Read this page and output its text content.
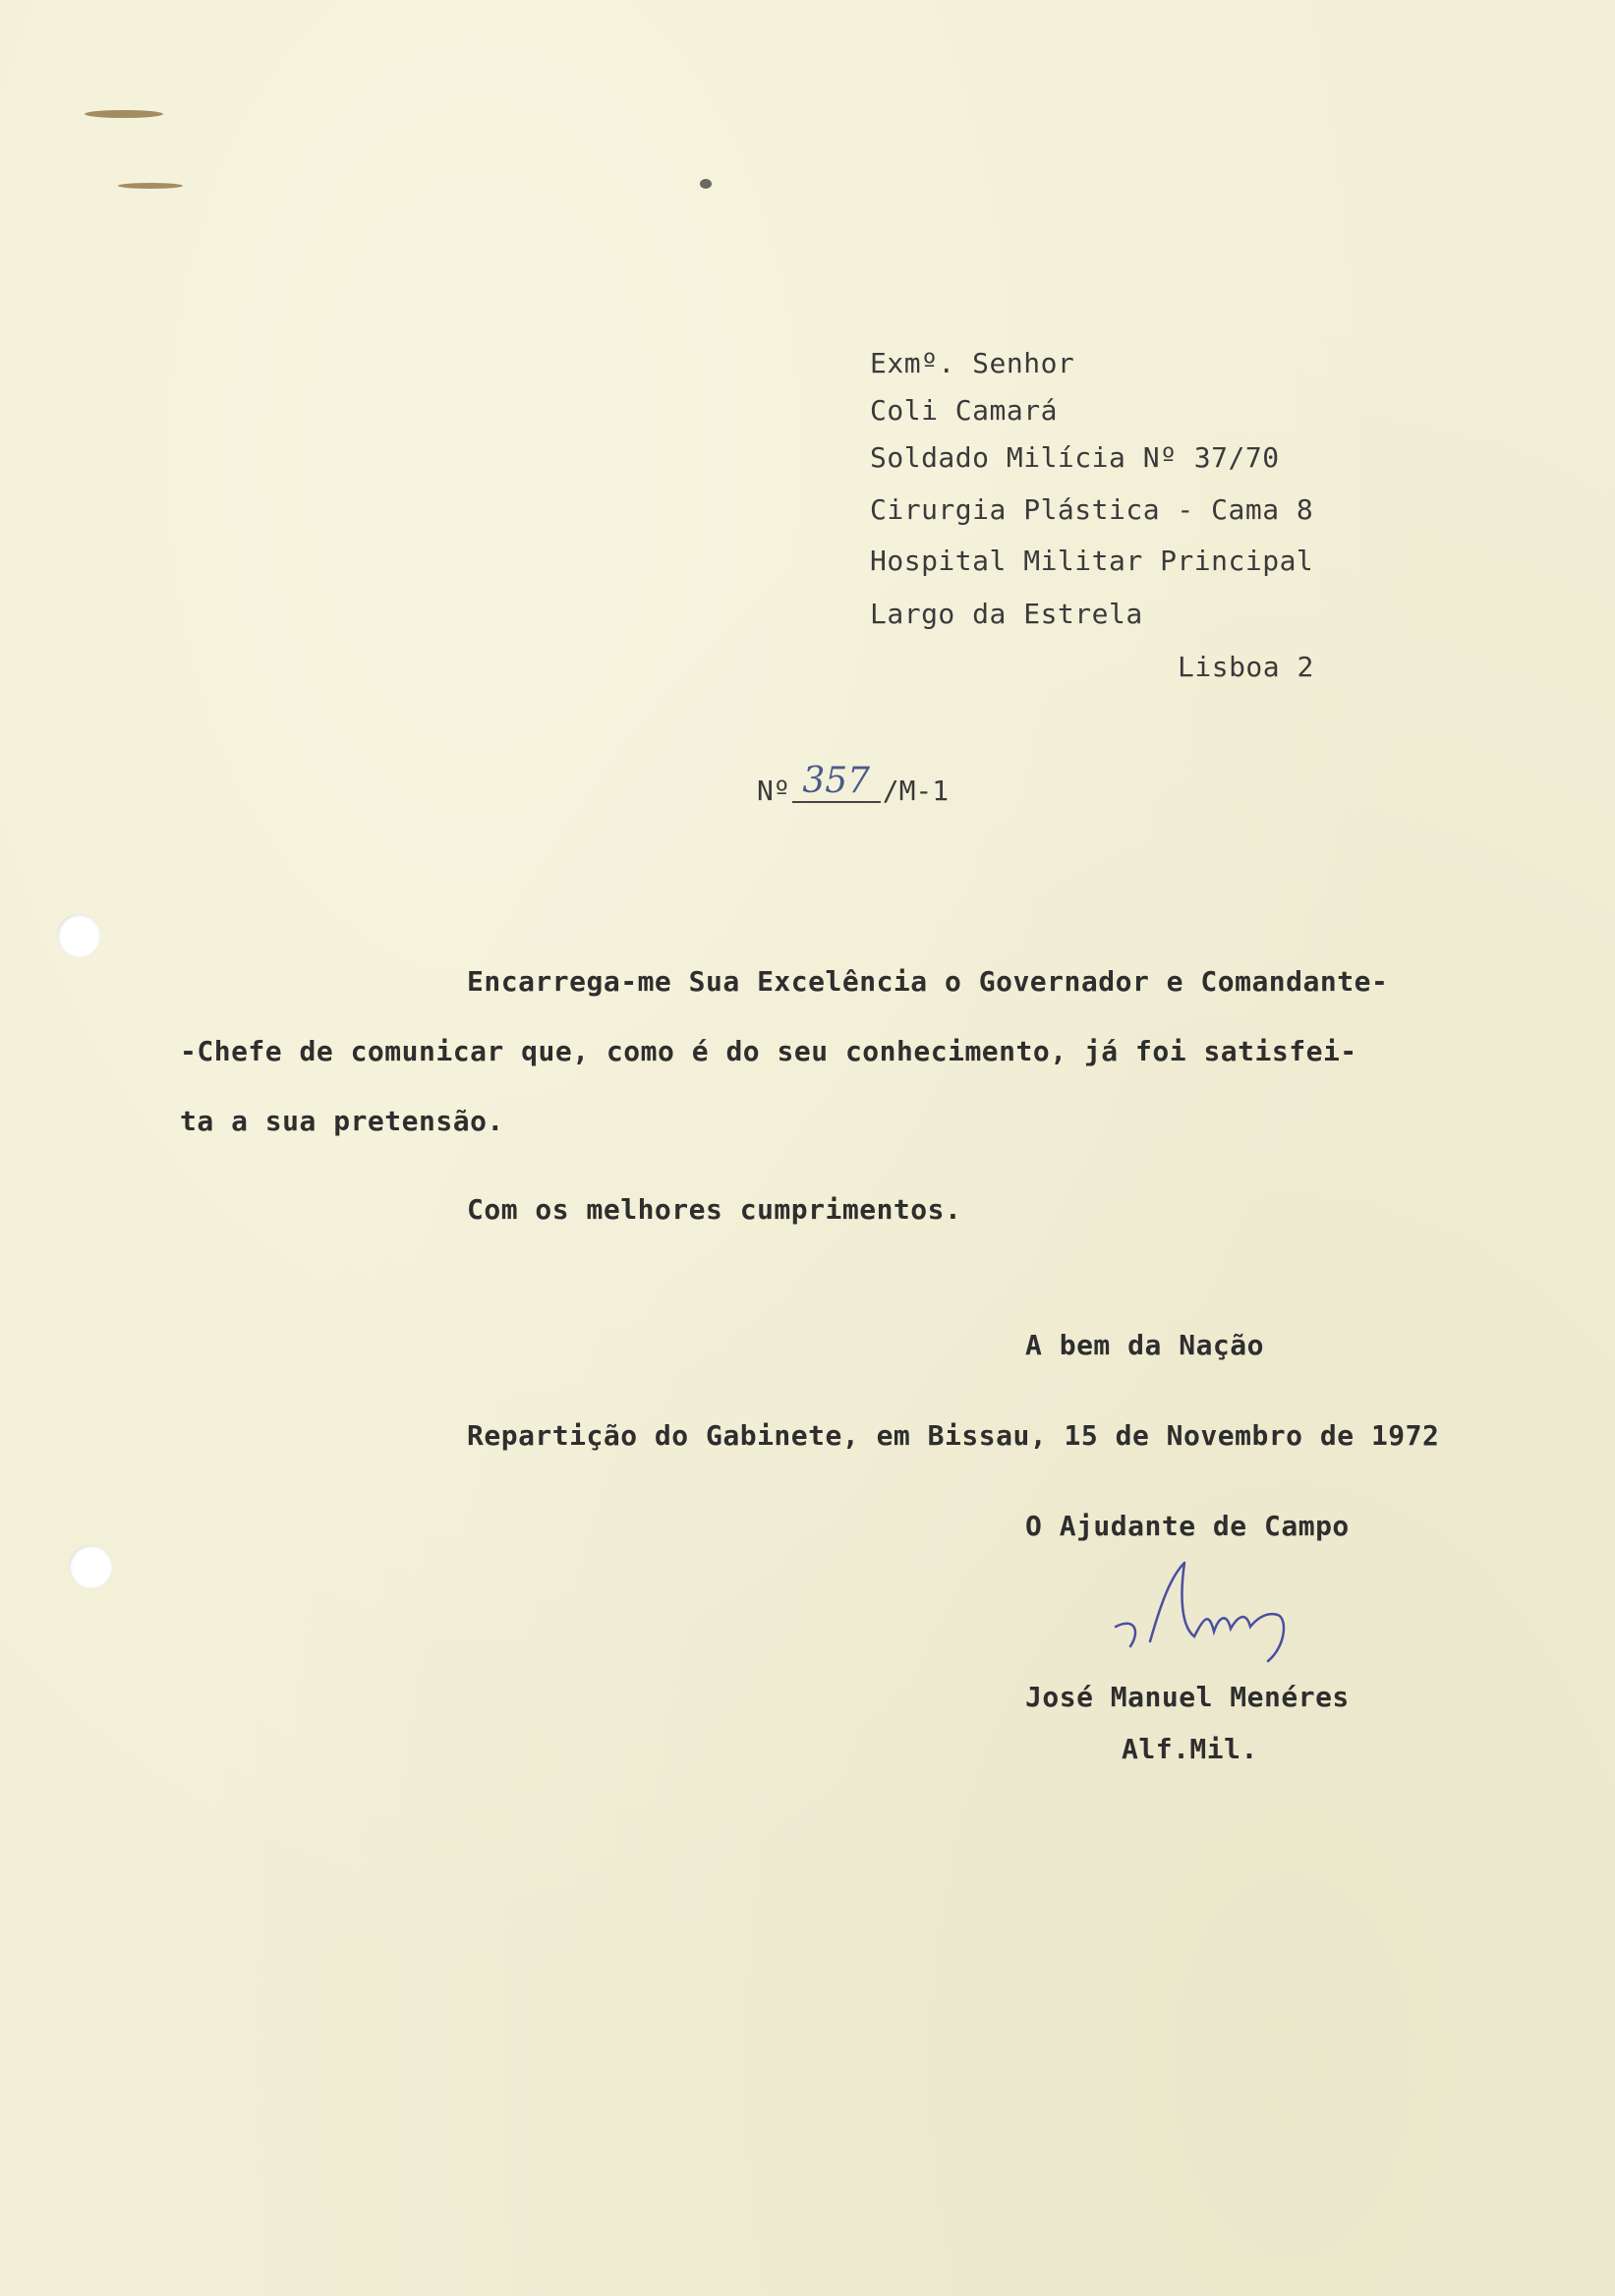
Exmº. Senhor
Coli Camará
Soldado Milícia Nº 37/70
Cirurgia Plástica - Cama 8
Hospital Militar Principal
Largo da Estrela
Lisboa 2
Nº 357 /M-1
Encarrega-me Sua Excelência o Governador e Comandante-
-Chefe de comunicar que, como é do seu conhecimento, já foi satisfei-
ta a sua pretensão.
Com os melhores cumprimentos.
A bem da Nação
Repartição do Gabinete, em Bissau, 15 de Novembro de 1972
O Ajudante de Campo
José Manuel Menéres
Alf.Mil.
